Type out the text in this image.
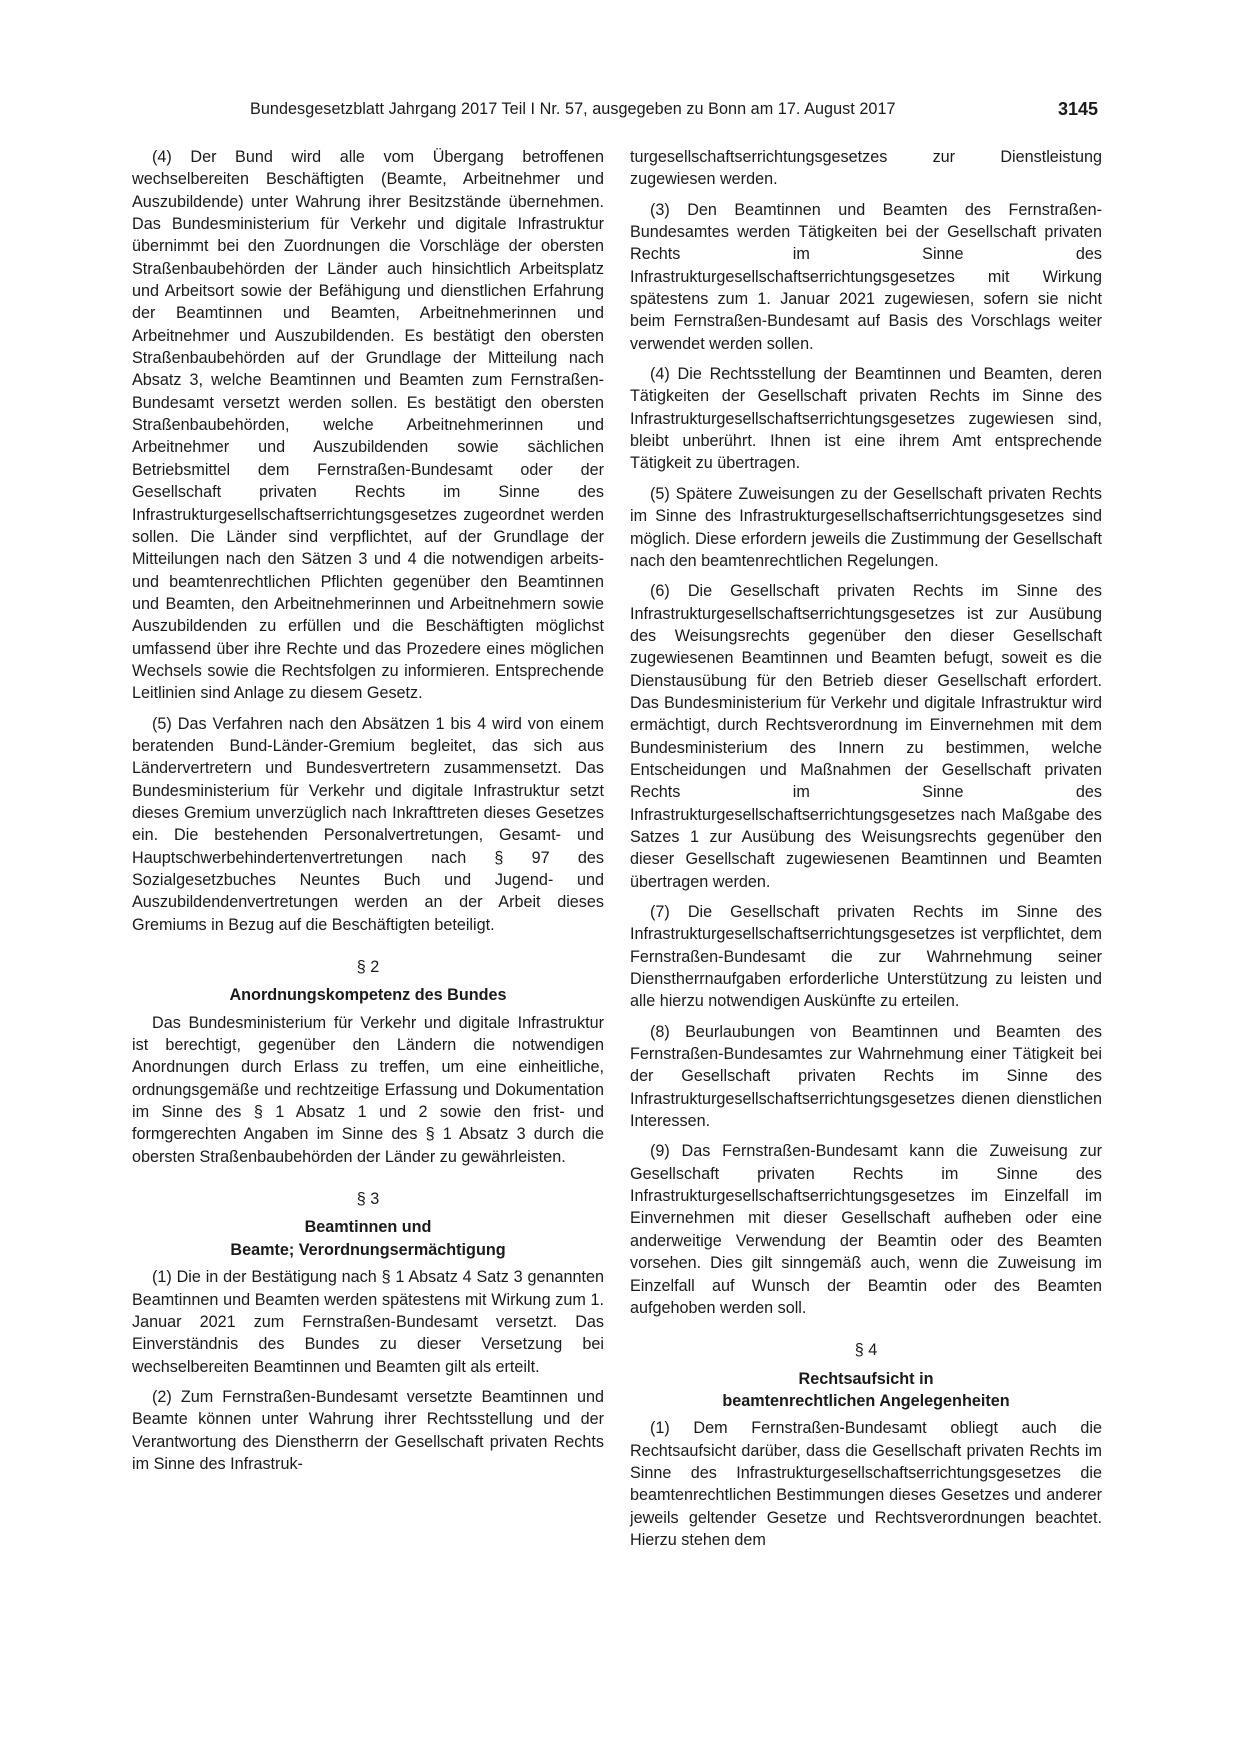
Bundesgesetzblatt Jahrgang 2017 Teil I Nr. 57, ausgegeben zu Bonn am 17. August 2017	3145

(4) Der Bund wird alle vom Übergang betroffenen wechselbereiten Beschäftigten (Beamte, Arbeitnehmer und Auszubildende) unter Wahrung ihrer Besitzstände übernehmen. Das Bundesministerium für Verkehr und digitale Infrastruktur übernimmt bei den Zuordnungen die Vorschläge der obersten Straßenbaubehörden der Länder auch hinsichtlich Arbeitsplatz und Arbeitsort sowie der Befähigung und dienstlichen Erfahrung der Beamtinnen und Beamten, Arbeitnehmerinnen und Arbeitnehmer und Auszubildenden. Es bestätigt den obersten Straßenbaubehörden auf der Grundlage der Mitteilung nach Absatz 3, welche Beamtinnen und Beamten zum Fernstraßen-Bundesamt versetzt werden sollen. Es bestätigt den obersten Straßenbaubehörden, welche Arbeitnehmerinnen und Arbeitnehmer und Auszubildenden sowie sächlichen Betriebsmittel dem Fernstraßen-Bundesamt oder der Gesellschaft privaten Rechts im Sinne des Infrastrukturgesellschaftserrichtungsgesetzes zugeordnet werden sollen. Die Länder sind verpflichtet, auf der Grundlage der Mitteilungen nach den Sätzen 3 und 4 die notwendigen arbeits- und beamtenrechtlichen Pflichten gegenüber den Beamtinnen und Beamten, den Arbeitnehmerinnen und Arbeitnehmern sowie Auszubildenden zu erfüllen und die Beschäftigten möglichst umfassend über ihre Rechte und das Prozedere eines möglichen Wechsels sowie die Rechtsfolgen zu informieren. Entsprechende Leitlinien sind Anlage zu diesem Gesetz.

(5) Das Verfahren nach den Absätzen 1 bis 4 wird von einem beratenden Bund-Länder-Gremium begleitet, das sich aus Ländervertretern und Bundesvertretern zusammensetzt. Das Bundesministerium für Verkehr und digitale Infrastruktur setzt dieses Gremium unverzüglich nach Inkrafttreten dieses Gesetzes ein. Die bestehenden Personalvertretungen, Gesamt- und Hauptschwerbehindertenvertretungen nach § 97 des Sozialgesetzbuches Neuntes Buch und Jugend- und Auszubildendenvertretungen werden an der Arbeit dieses Gremiums in Bezug auf die Beschäftigten beteiligt.

§ 2
Anordnungskompetenz des Bundes

Das Bundesministerium für Verkehr und digitale Infrastruktur ist berechtigt, gegenüber den Ländern die notwendigen Anordnungen durch Erlass zu treffen, um eine einheitliche, ordnungsgemäße und rechtzeitige Erfassung und Dokumentation im Sinne des § 1 Absatz 1 und 2 sowie den frist- und formgerechten Angaben im Sinne des § 1 Absatz 3 durch die obersten Straßenbaubehörden der Länder zu gewährleisten.

§ 3
Beamtinnen und
Beamte; Verordnungsermächtigung

(1) Die in der Bestätigung nach § 1 Absatz 4 Satz 3 genannten Beamtinnen und Beamten werden spätestens mit Wirkung zum 1. Januar 2021 zum Fernstraßen-Bundesamt versetzt. Das Einverständnis des Bundes zu dieser Versetzung bei wechselbereiten Beamtinnen und Beamten gilt als erteilt.

(2) Zum Fernstraßen-Bundesamt versetzte Beamtinnen und Beamte können unter Wahrung ihrer Rechtsstellung und der Verantwortung des Dienstherrn der Gesellschaft privaten Rechts im Sinne des Infrastruk-

turgesellschaftserrichtungsgesetzes zur Dienstleistung zugewiesen werden.

(3) Den Beamtinnen und Beamten des Fernstraßen-Bundesamtes werden Tätigkeiten bei der Gesellschaft privaten Rechts im Sinne des Infrastrukturgesellschaftserrichtungsgesetzes mit Wirkung spätestens zum 1. Januar 2021 zugewiesen, sofern sie nicht beim Fernstraßen-Bundesamt auf Basis des Vorschlags weiter verwendet werden sollen.

(4) Die Rechtsstellung der Beamtinnen und Beamten, deren Tätigkeiten der Gesellschaft privaten Rechts im Sinne des Infrastrukturgesellschaftserrichtungsgesetzes zugewiesen sind, bleibt unberührt. Ihnen ist eine ihrem Amt entsprechende Tätigkeit zu übertragen.

(5) Spätere Zuweisungen zu der Gesellschaft privaten Rechts im Sinne des Infrastrukturgesellschaftserrichtungsgesetzes sind möglich. Diese erfordern jeweils die Zustimmung der Gesellschaft nach den beamtenrechtlichen Regelungen.

(6) Die Gesellschaft privaten Rechts im Sinne des Infrastrukturgesellschaftserrichtungsgesetzes ist zur Ausübung des Weisungsrechts gegenüber den dieser Gesellschaft zugewiesenen Beamtinnen und Beamten befugt, soweit es die Dienstausübung für den Betrieb dieser Gesellschaft erfordert. Das Bundesministerium für Verkehr und digitale Infrastruktur wird ermächtigt, durch Rechtsverordnung im Einvernehmen mit dem Bundesministerium des Innern zu bestimmen, welche Entscheidungen und Maßnahmen der Gesellschaft privaten Rechts im Sinne des Infrastrukturgesellschaftserrichtungsgesetzes nach Maßgabe des Satzes 1 zur Ausübung des Weisungsrechts gegenüber den dieser Gesellschaft zugewiesenen Beamtinnen und Beamten übertragen werden.

(7) Die Gesellschaft privaten Rechts im Sinne des Infrastrukturgesellschaftserrichtungsgesetzes ist verpflichtet, dem Fernstraßen-Bundesamt die zur Wahrnehmung seiner Dienstherrnaufgaben erforderliche Unterstützung zu leisten und alle hierzu notwendigen Auskünfte zu erteilen.

(8) Beurlaubungen von Beamtinnen und Beamten des Fernstraßen-Bundesamtes zur Wahrnehmung einer Tätigkeit bei der Gesellschaft privaten Rechts im Sinne des Infrastrukturgesellschaftserrichtungsgesetzes dienen dienstlichen Interessen.

(9) Das Fernstraßen-Bundesamt kann die Zuweisung zur Gesellschaft privaten Rechts im Sinne des Infrastrukturgesellschaftserrichtungsgesetzes im Einzelfall im Einvernehmen mit dieser Gesellschaft aufheben oder eine anderweitige Verwendung der Beamtin oder des Beamten vorsehen. Dies gilt sinngemäß auch, wenn die Zuweisung im Einzelfall auf Wunsch der Beamtin oder des Beamten aufgehoben werden soll.

§ 4
Rechtsaufsicht in
beamtenrechtlichen Angelegenheiten

(1) Dem Fernstraßen-Bundesamt obliegt auch die Rechtsaufsicht darüber, dass die Gesellschaft privaten Rechts im Sinne des Infrastrukturgesellschaftserrichtungsgesetzes die beamtenrechtlichen Bestimmungen dieses Gesetzes und anderer jeweils geltender Gesetze und Rechtsverordnungen beachtet. Hierzu stehen dem
